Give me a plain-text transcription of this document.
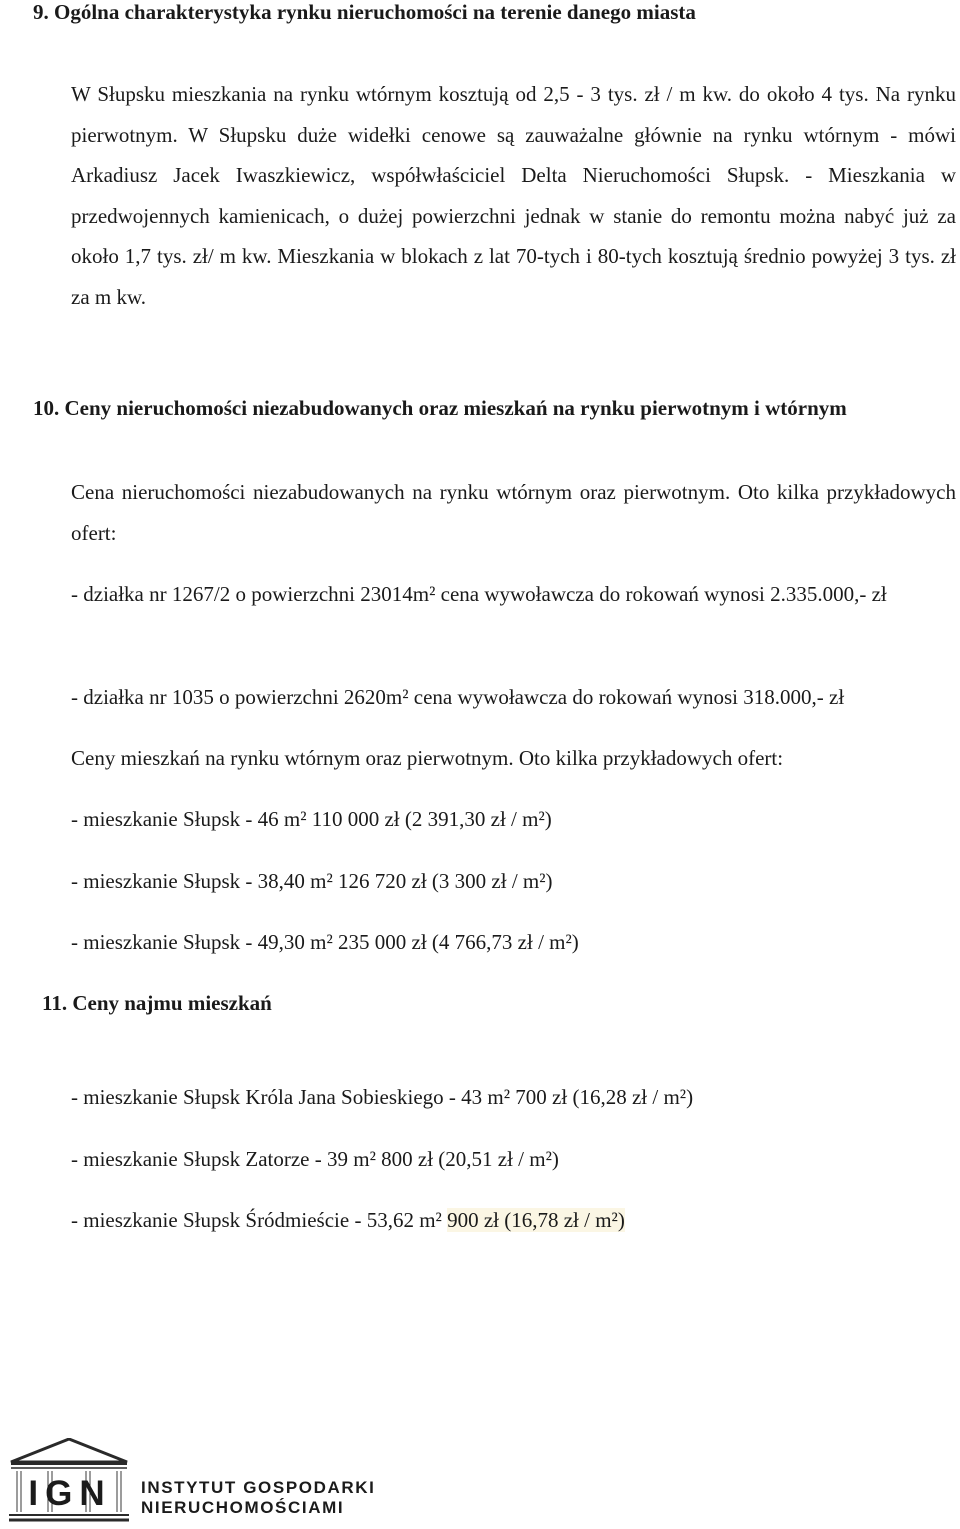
9. Ogólna charakterystyka rynku nieruchomości na terenie danego miasta

W Słupsku mieszkania na rynku wtórnym kosztują od 2,5 - 3 tys. zł / m kw. do około 4 tys. Na rynku pierwotnym. W Słupsku duże widełki cenowe są zauważalne głównie na rynku wtórnym - mówi Arkadiusz Jacek Iwaszkiewicz, współwłaściciel Delta Nieruchomości Słupsk. - Mieszkania w przedwojennych kamienicach, o dużej powierzchni jednak w stanie do remontu można nabyć już za około 1,7 tys. zł/ m kw. Mieszkania w blokach z lat 70-tych i 80-tych kosztują średnio powyżej 3 tys. zł za m kw.

10. Ceny nieruchomości niezabudowanych oraz mieszkań na rynku pierwotnym i wtórnym

Cena nieruchomości niezabudowanych na rynku wtórnym oraz pierwotnym. Oto kilka przykładowych ofert:

- działka nr 1267/2 o powierzchni 23014m² cena wywoławcza do rokowań wynosi 2.335.000,- zł

- działka nr 1035 o powierzchni 2620m² cena wywoławcza do rokowań wynosi 318.000,- zł

Ceny mieszkań na rynku wtórnym oraz pierwotnym. Oto kilka przykładowych ofert:

- mieszkanie Słupsk - 46 m² 110 000 zł (2 391,30 zł / m²)

- mieszkanie Słupsk - 38,40 m² 126 720 zł (3 300 zł / m²)

- mieszkanie Słupsk - 49,30 m² 235 000 zł (4 766,73 zł / m²)

11. Ceny najmu mieszkań

- mieszkanie Słupsk Króla Jana Sobieskiego - 43 m² 700 zł (16,28 zł / m²)

- mieszkanie Słupsk Zatorze - 39 m² 800 zł (20,51 zł / m²)

- mieszkanie Słupsk Śródmieście - 53,62 m² 900 zł (16,78 zł / m²)

IGN	INSTYTUT GOSPODARKI

NIERUCHOMOŚCIAMI
